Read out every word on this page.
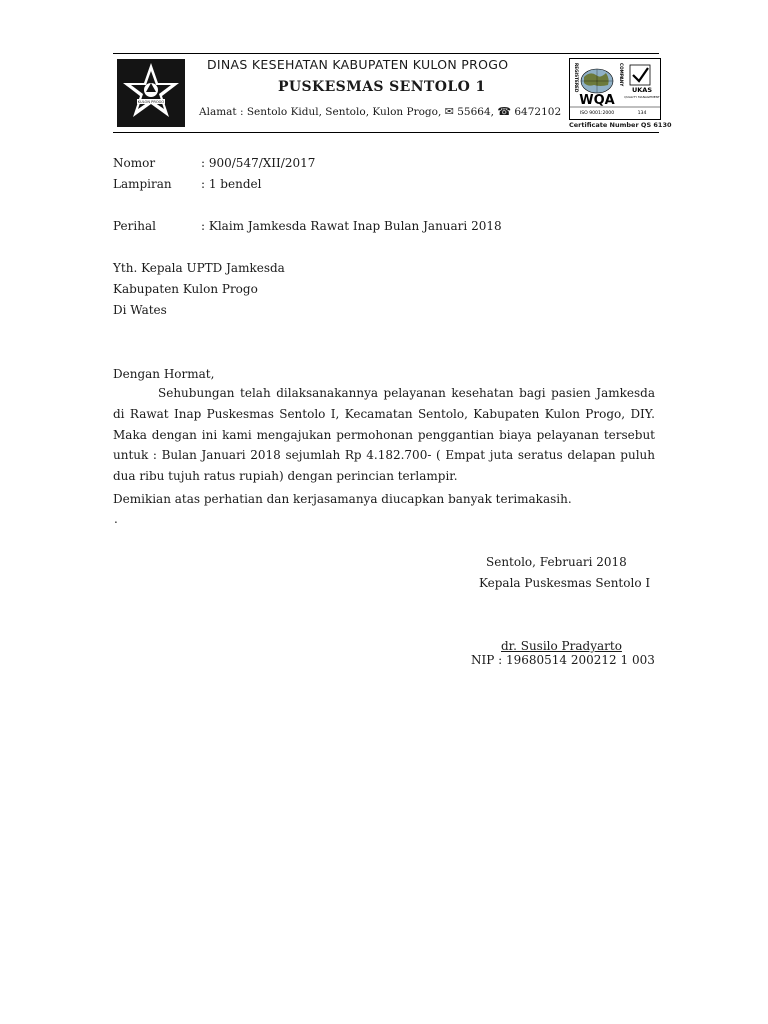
KULON PROGO
DINAS KESEHATAN KABUPATEN KULON PROGO
PUSKESMAS SENTOLO 1
Alamat : Sentolo Kidul, Sentolo, Kulon Progo, ✉ 55664, ☎ 6472102
REGISTERED
WQA
COMPANY
UKAS
QUALITY MANAGEMENT
ISO 9001:2000	134
Certificate Number QS 6130
Nomor	: 900/547/XII/2017
Lampiran : 1 bendel
Perihal	: Klaim Jamkesda Rawat Inap Bulan Januari 2018
Yth. Kepala UPTD Jamkesda
Kabupaten Kulon Progo
Di Wates
Dengan Hormat,
Sehubungan telah dilaksanakannya pelayanan kesehatan bagi pasien Jamkesda di Rawat Inap Puskesmas Sentolo I, Kecamatan Sentolo, Kabupaten Kulon Progo, DIY. Maka dengan ini kami mengajukan permohonan penggantian biaya pelayanan tersebut untuk : Bulan Januari 2018 sejumlah Rp 4.182.700- ( Empat juta seratus delapan puluh dua ribu tujuh ratus rupiah) dengan perincian terlampir.
Demikian atas perhatian dan kerjasamanya diucapkan banyak terimakasih.
.
Sentolo, Februari 2018
Kepala Puskesmas Sentolo I
dr. Susilo Pradyarto
NIP : 19680514 200212 1 003
